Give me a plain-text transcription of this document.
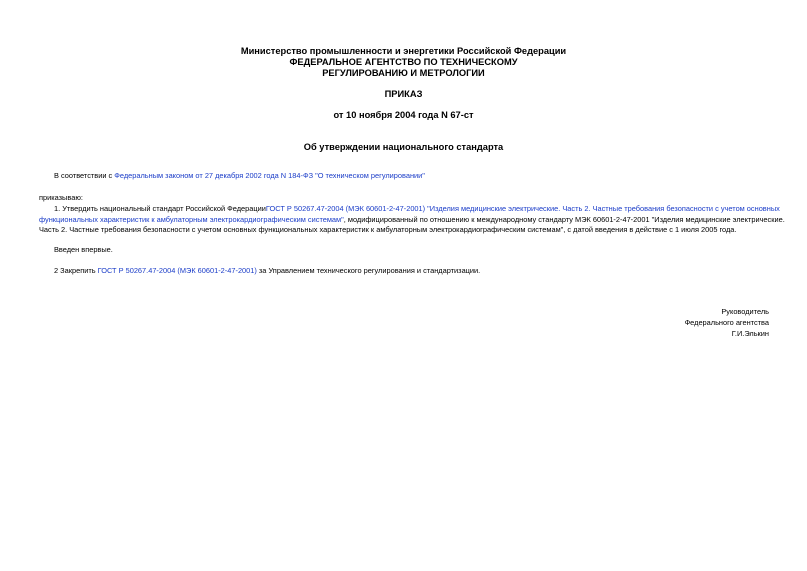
Министерство промышленности и энергетики Российской Федерации
ФЕДЕРАЛЬНОЕ АГЕНТСТВО ПО ТЕХНИЧЕСКОМУ
РЕГУЛИРОВАНИЮ И МЕТРОЛОГИИ
ПРИКАЗ
от 10 ноября 2004 года N 67-ст
Об утверждении национального стандарта
В соответствии с Федеральным законом от 27 декабря 2002 года N 184-ФЗ "О техническом регулировании"
приказываю:
1. Утвердить национальный стандарт Российской ФедерацииГОСТ Р 50267.47-2004 (МЭК 60601-2-47-2001) "Изделия медицинские электрические. Часть 2. Частные требования безопасности с учетом основных
функциональных характеристик к амбулаторным электрокардиографическим системам", модифицированный по отношению к международному стандарту МЭК 60601-2-47-2001 "Изделия медицинские электрические.
Часть 2. Частные требования безопасности с учетом основных функциональных характеристик к амбулаторным электрокардиографическим системам", с датой введения в действие с 1 июля 2005 года.
Введен впервые.
2 Закрепить ГОСТ Р 50267.47-2004 (МЭК 60601-2-47-2001) за Управлением технического регулирования и стандартизации.
Руководитель
Федерального агентства
Г.И.Элькин
